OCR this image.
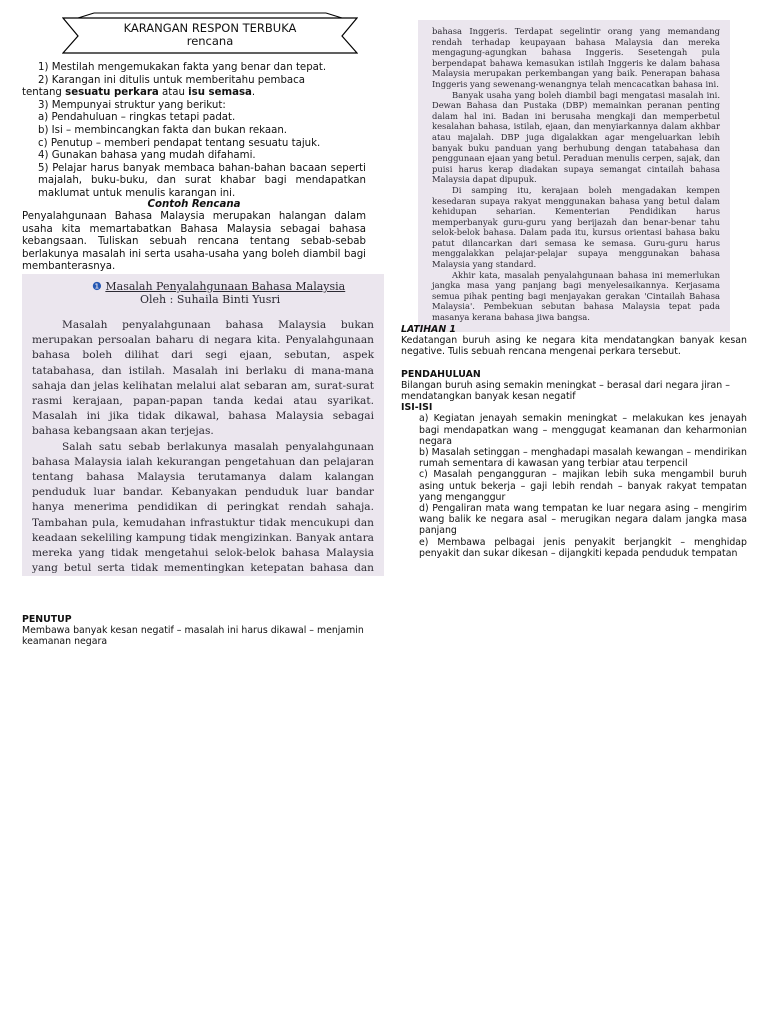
KARANGAN RESPON TERBUKA
rencana
1) Mestilah mengemukakan fakta yang benar dan tepat.
2) Karangan ini ditulis untuk memberitahu pembaca
tentang sesuatu perkara atau isu semasa.
3) Mempunyai struktur yang berikut:
a) Pendahuluan – ringkas tetapi padat.
b) Isi – membincangkan fakta dan bukan rekaan.
c) Penutup – memberi pendapat tentang sesuatu tajuk.
4) Gunakan bahasa yang mudah difahami.
5) Pelajar harus banyak membaca bahan-bahan bacaan seperti majalah, buku-buku, dan surat khabar bagi mendapatkan maklumat untuk menulis karangan ini.
Contoh Rencana
Penyalahgunaan Bahasa Malaysia merupakan halangan dalam usaha kita memartabatkan Bahasa Malaysia sebagai bahasa kebangsaan. Tuliskan sebuah rencana tentang sebab-sebab berlakunya masalah ini serta usaha-usaha yang boleh diambil bagi membanterasnya.
❶ Masalah Penyalahgunaan Bahasa Malaysia
Oleh : Suhaila Binti Yusri

Masalah penyalahgunaan bahasa Malaysia bukan merupakan persoalan baharu di negara kita. Penyalahgunaan bahasa boleh dilihat dari segi ejaan, sebutan, aspek tatabahasa, dan istilah. Masalah ini berlaku di mana-mana sahaja dan jelas kelihatan melalui alat sebaran am, surat-surat rasmi kerajaan, papan-papan tanda kedai atau syarikat. Masalah ini jika tidak dikawal, bahasa Malaysia sebagai bahasa kebangsaan akan terjejas.

Salah satu sebab berlakunya masalah penyalahgunaan bahasa Malaysia ialah kekurangan pengetahuan dan pelajaran tentang bahasa Malaysia terutamanya dalam kalangan penduduk luar bandar. Kebanyakan penduduk luar bandar hanya menerima pendidikan di peringkat rendah sahaja. Tambahan pula, kemudahan infrastuktur tidak mencukupi dan keadaan sekeliling kampung tidak mengizinkan. Banyak antara mereka yang tidak mengetahui selok-belok bahasa Malaysia yang betul serta tidak mementingkan ketepatan bahasa dan

bahasa Inggeris. Terdapat segelintir orang yang memandang rendah terhadap keupayaan bahasa Malaysia dan mereka mengagung-agungkan bahasa Inggeris. Sesetengah pula berpendapat bahawa kemasukan istilah Inggeris ke dalam bahasa Malaysia merupakan perkembangan yang baik. Penerapan bahasa Inggeris yang sewenang-wenangnya telah mencacatkan bahasa ini.

Banyak usaha yang boleh diambil bagi mengatasi masalah ini. Dewan Bahasa dan Pustaka (DBP) memainkan peranan penting dalam hal ini. Badan ini berusaha mengkaji dan memperbetul kesalahan bahasa, istilah, ejaan, dan menyiarkannya dalam akhbar atau majalah. DBP juga digalakkan agar mengeluarkan lebih banyak buku panduan yang berhubung dengan tatabahasa dan penggunaan ejaan yang betul. Peraduan menulis cerpen, sajak, dan puisi harus kerap diadakan supaya semangat cintailah bahasa Malaysia dapat dipupuk.

Di samping itu, kerajaan boleh mengadakan kempen kesedaran supaya rakyat menggunakan bahasa yang betul dalam kehidupan seharian. Kementerian Pendidikan harus memperbanyak guru-guru yang berijazah dan benar-benar tahu selok-belok bahasa. Dalam pada itu, kursus orientasi bahasa baku patut dilancarkan dari semasa ke semasa. Guru-guru harus menggalakkan pelajar-pelajar supaya menggunakan bahasa Malaysia yang standard.

Akhir kata, masalah penyalahgunaan bahasa ini memerlukan jangka masa yang panjang bagi menyelesaikannya. Kerjasama semua pihak penting bagi menjayakan gerakan 'Cintailah Bahasa Malaysia'. Pembekuan sebutan bahasa Malaysia tepat pada masanya kerana bahasa jiwa bangsa.

LATIHAN 1
Kedatangan buruh asing ke negara kita mendatangkan banyak kesan negative. Tulis sebuah rencana mengenai perkara tersebut.
PENDAHULUAN
Bilangan buruh asing semakin meningkat – berasal dari negara jiran – mendatangkan banyak kesan negatif
ISI-ISI
a) Kegiatan jenayah semakin meningkat – melakukan kes jenayah bagi mendapatkan wang – menggugat keamanan dan keharmonian negara
b) Masalah setinggan – menghadapi masalah kewangan – mendirikan rumah sementara di kawasan yang terbiar atau terpencil
c) Masalah pengangguran – majikan lebih suka mengambil buruh asing untuk bekerja – gaji lebih rendah – banyak rakyat tempatan yang menganggur
d) Pengaliran mata wang tempatan ke luar negara asing – mengirim wang balik ke negara asal – merugikan negara dalam jangka masa panjang
e) Membawa pelbagai jenis penyakit berjangkit – menghidap penyakit dan sukar dikesan – dijangkiti kepada penduduk tempatan
PENUTUP
Membawa banyak kesan negatif – masalah ini harus dikawal – menjamin keamanan negara
